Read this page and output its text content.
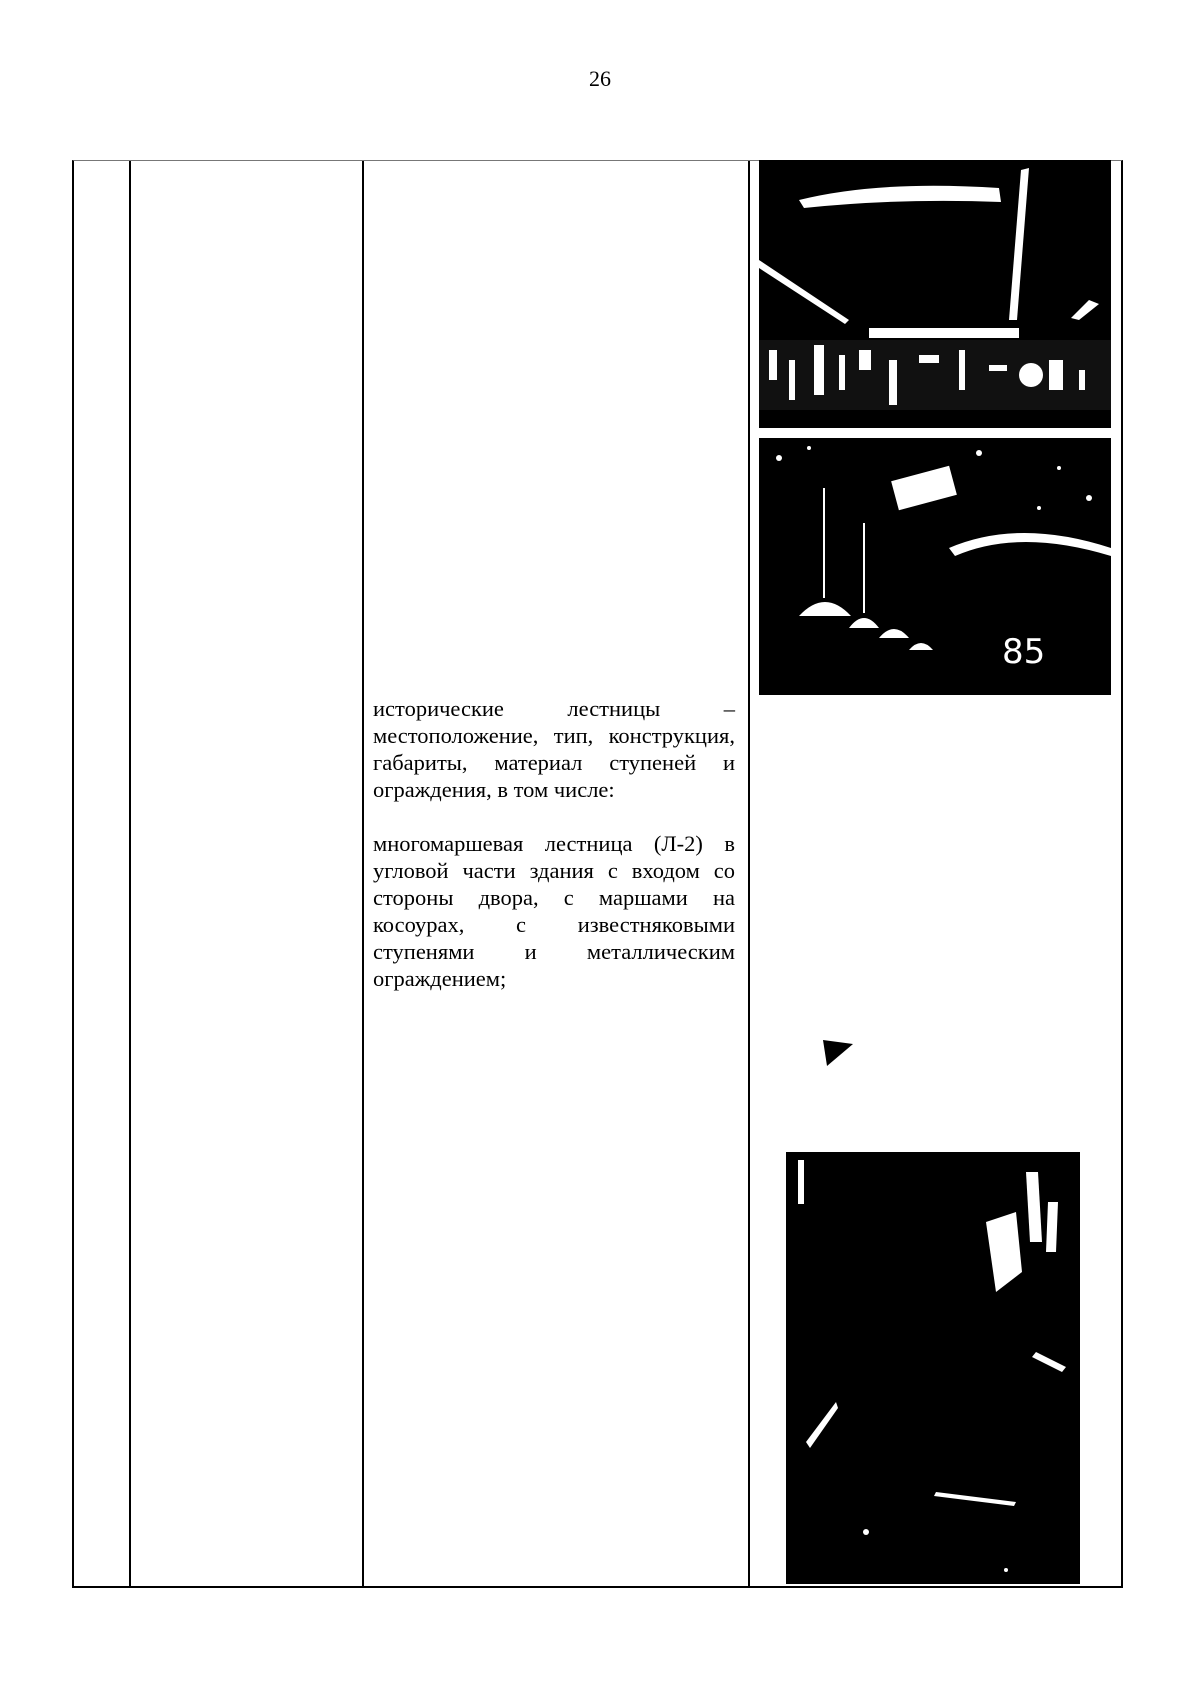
26

исторические лестницы – местоположение, тип, конструкция, габариты, материал ступеней и ограждения, в том числе:

многомаршевая лестница (Л-2) в угловой части здания с входом со стороны двора, с маршами на косоурах, с известняковыми ступенями и металлическим ограждением;

85
